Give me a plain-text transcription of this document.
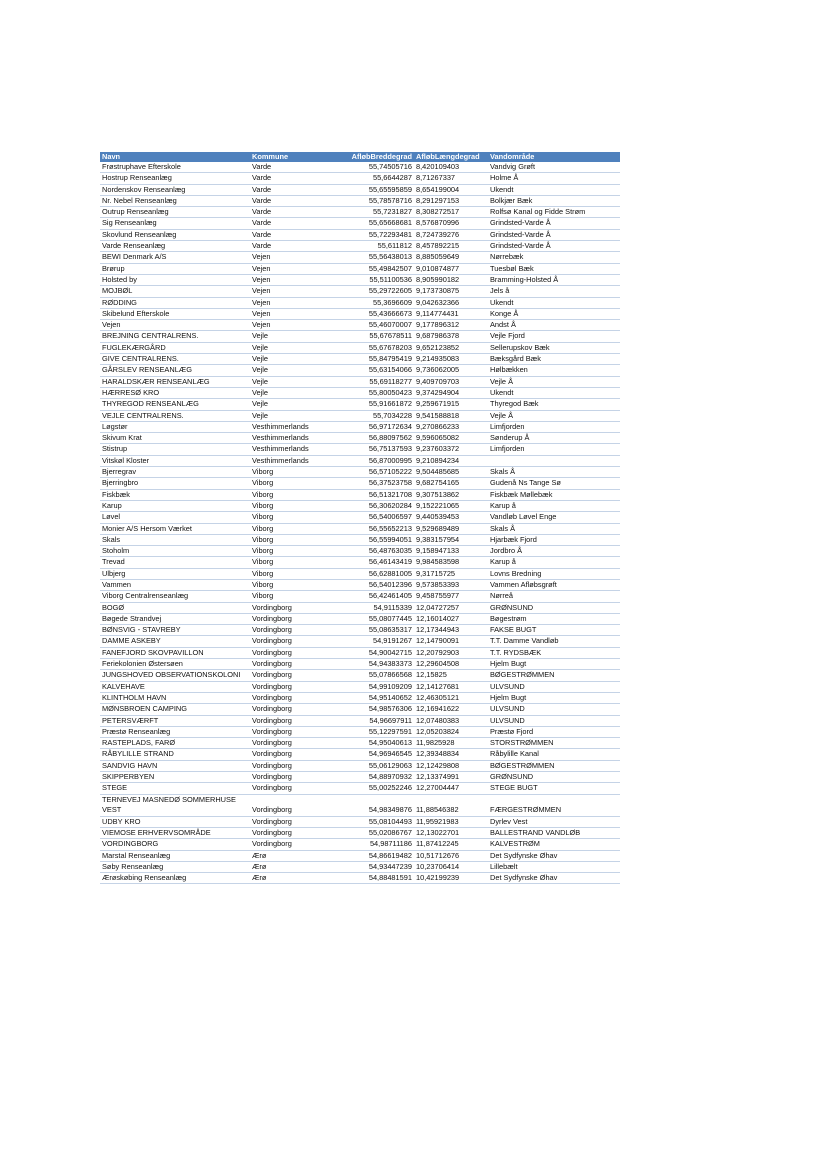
Navn	Kommune	AfløbBreddegrad	AfløbLængdegrad	Vandområde
Frøstruphave Efterskole	Varde	55,74505716	8,420109403	Vandvig Grøft
Hostrup Renseanlæg	Varde	55,6644287	8,71267337	Holme Å
Nordenskov Renseanlæg	Varde	55,65595859	8,654199004	Ukendt
Nr. Nebel Renseanlæg	Varde	55,78578716	8,291297153	Bolkjær Bæk
Outrup Renseanlæg	Varde	55,7231827	8,308272517	Rolfsø Kanal og Fidde Strøm
Sig Renseanlæg	Varde	55,65668681	8,576870996	Grindsted-Varde Å
Skovlund Renseanlæg	Varde	55,72293481	8,724739276	Grindsted-Varde Å
Varde Renseanlæg	Varde	55,611812	8,457892215	Grindsted-Varde Å
BEWI Denmark A/S	Vejen	55,56438013	8,885059649	Nørrebæk
Brørup	Vejen	55,49842507	9,010874877	Tuesbøl Bæk
Holsted by	Vejen	55,51100536	8,905990182	Bramming-Holsted Å
MOJBØL	Vejen	55,29722605	9,173730875	Jels å
RØDDING	Vejen	55,3696609	9,042632366	Ukendt
Skibelund Efterskole	Vejen	55,43666673	9,114774431	Konge Å
Vejen	Vejen	55,46070007	9,177896312	Andst Å
BREJNING CENTRALRENS.	Vejle	55,67678511	9,687986378	Vejle Fjord
FUGLEKÆRGÅRD	Vejle	55,67678203	9,652123852	Sellerupskov Bæk
GIVE CENTRALRENS.	Vejle	55,84795419	9,214935083	Bæksgård Bæk
GÅRSLEV RENSEANLÆG	Vejle	55,63154066	9,736062005	Hølbækken
HARALDSKÆR RENSEANLÆG	Vejle	55,69118277	9,409709703	Vejle Å
HÆRRESØ KRO	Vejle	55,80050423	9,374294904	Ukendt
THYREGOD RENSEANLÆG	Vejle	55,91661872	9,259671915	Thyregod Bæk
VEJLE CENTRALRENS.	Vejle	55,7034228	9,541588818	Vejle Å
Løgstør	Vesthimmerlands	56,97172634	9,270866233	Limfjorden
Skivum Krat	Vesthimmerlands	56,88097562	9,596065082	Sønderup Å
Stistrup	Vesthimmerlands	56,75137593	9,237603372	Limfjorden
Vitskøl Kloster	Vesthimmerlands	56,87000995	9,210894234	
Bjerregrav	Viborg	56,57105222	9,504485685	Skals Å
Bjerringbro	Viborg	56,37523758	9,682754165	Gudenå Ns Tange Sø
Fiskbæk	Viborg	56,51321708	9,307513862	Fiskbæk Møllebæk
Karup	Viborg	56,30620284	9,152221065	Karup å
Løvel	Viborg	56,54006597	9,440539453	Vandløb Løvel Enge
Monier A/S Hersom Værket	Viborg	56,55652213	9,529689489	Skals Å
Skals	Viborg	56,55994051	9,383157954	Hjarbæk Fjord
Stoholm	Viborg	56,48763035	9,158947133	Jordbro Å
Trevad	Viborg	56,46143419	9,984583598	Karup å
Ulbjerg	Viborg	56,62881005	9,31715725	Lovns Bredning
Vammen	Viborg	56,54012396	9,573853393	Vammen Afløbsgrøft
Viborg Centralrenseanlæg	Viborg	56,42461405	9,458755977	Nørreå
BOGØ	Vordingborg	54,9115339	12,04727257	GRØNSUND
Bøgede Strandvej	Vordingborg	55,08077445	12,16014027	Bøgestrøm
BØNSVIG - STAVREBY	Vordingborg	55,08635317	12,17344943	FAKSE BUGT
DAMME ASKEBY	Vordingborg	54,9191267	12,14790091	T.T. Damme Vandløb
FANEFJORD SKOVPAVILLON	Vordingborg	54,90042715	12,20792903	T.T. RYDSBÆK
Feriekolonien Østersøen	Vordingborg	54,94383373	12,29604508	Hjelm Bugt
JUNGSHOVED OBSERVATIONSKOLONI	Vordingborg	55,07866568	12,15825	BØGESTRØMMEN
KALVEHAVE	Vordingborg	54,99109209	12,14127681	ULVSUND
KLINTHOLM HAVN	Vordingborg	54,95140652	12,46305121	Hjelm Bugt
MØNSBROEN CAMPING	Vordingborg	54,98576306	12,16941622	ULVSUND
PETERSVÆRFT	Vordingborg	54,96697911	12,07480383	ULVSUND
Præstø Renseanlæg	Vordingborg	55,12297591	12,05203824	Præstø Fjord
RASTEPLADS, FARØ	Vordingborg	54,95040613	11,9825928	STORSTRØMMEN
RÅBYLILLE STRAND	Vordingborg	54,96946545	12,39348834	Råbylille Kanal
SANDVIG HAVN	Vordingborg	55,06129063	12,12429808	BØGESTRØMMEN
SKIPPERBYEN	Vordingborg	54,88970932	12,13374991	GRØNSUND
STEGE	Vordingborg	55,00252246	12,27004447	STEGE BUGT
TERNEVEJ MASNEDØ SOMMERHUSE VEST	Vordingborg	54,98349876	11,88546382	FÆRGESTRØMMEN
UDBY KRO	Vordingborg	55,08104493	11,95921983	Dyrlev Vest
VIEMOSE ERHVERVSOMRÅDE	Vordingborg	55,02086767	12,13022701	BALLESTRAND VANDLØB
VORDINGBORG	Vordingborg	54,98711186	11,87412245	KALVESTRØM
Marstal Renseanlæg	Ærø	54,86619482	10,51712676	Det Sydfynske Øhav
Søby Renseanlæg	Ærø	54,93447239	10,23706414	Lillebælt
Ærøskøbing Renseanlæg	Ærø	54,88481591	10,42199239	Det Sydfynske Øhav
